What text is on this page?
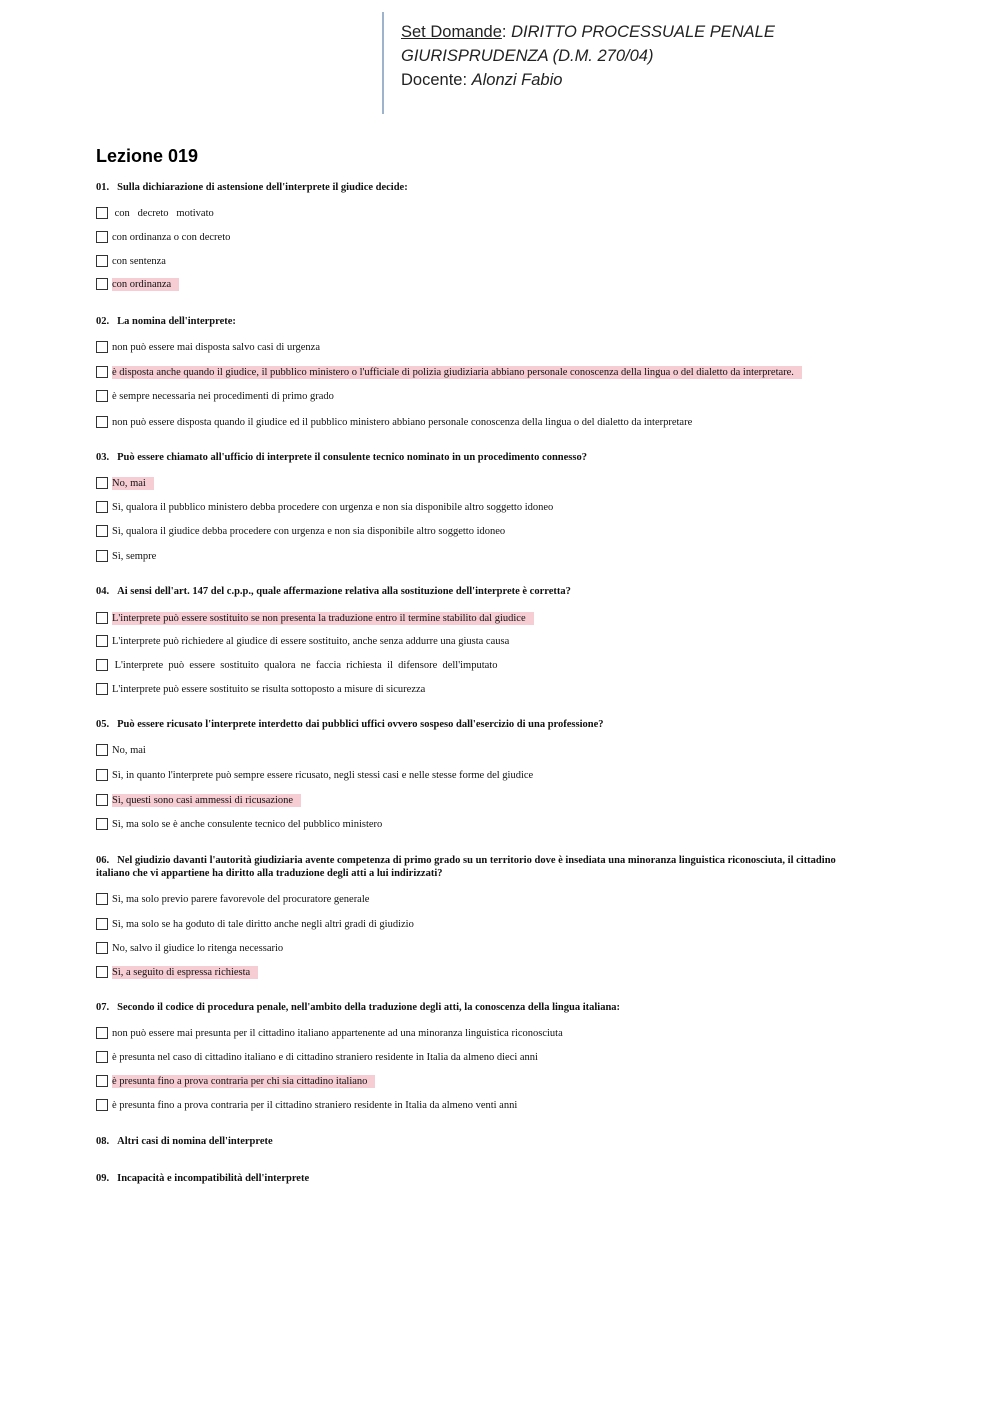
Set Domande: DIRITTO PROCESSUALE PENALE
GIURISPRUDENZA (D.M. 270/04)
Docente: Alonzi Fabio
Lezione 019

01. Sulla dichiarazione di astensione dell'interprete il giudice decide:

con   decreto   motivato
con ordinanza o con decreto
con sentenza
con ordinanza

02. La nomina dell'interprete:

non può essere mai disposta salvo casi di urgenza
è disposta anche quando il giudice, il pubblico ministero o l'ufficiale di polizia giudiziaria abbiano personale conoscenza della lingua o del dialetto da interpretare.
è sempre necessaria nei procedimenti di primo grado
non può essere disposta quando il giudice ed il pubblico ministero abbiano personale conoscenza della lingua o del dialetto da interpretare

03. Può essere chiamato all'ufficio di interprete il consulente tecnico nominato in un procedimento connesso?

No, mai
Sì, qualora il pubblico ministero debba procedere con urgenza e non sia disponibile altro soggetto idoneo
Sì, qualora il giudice debba procedere con urgenza e non sia disponibile altro soggetto idoneo
Sì, sempre

04. Ai sensi dell'art. 147 del c.p.p., quale affermazione relativa alla sostituzione dell'interprete è corretta?

L'interprete può essere sostituito se non presenta la traduzione entro il termine stabilito dal giudice
L'interprete può richiedere al giudice di essere sostituito, anche senza addurre una giusta causa
L'interprete  può  essere  sostituito  qualora  ne  faccia  richiesta  il  difensore  dell'imputato
L'interprete può essere sostituito se risulta sottoposto a misure di sicurezza

05. Può essere ricusato l'interprete interdetto dai pubblici uffici ovvero sospeso dall'esercizio di una professione?

No, mai
Sì, in quanto l'interprete può sempre essere ricusato, negli stessi casi e nelle stesse forme del giudice
Sì, questi sono casi ammessi di ricusazione
Sì, ma solo se è anche consulente tecnico del pubblico ministero

06. Nel giudizio davanti l'autorità giudiziaria avente competenza di primo grado su un territorio dove è insediata una minoranza linguistica riconosciuta, il cittadino italiano che vi appartiene ha diritto alla traduzione degli atti a lui indirizzati?

Sì, ma solo previo parere favorevole del procuratore generale
Sì, ma solo se ha goduto di tale diritto anche negli altri gradi di giudizio
No, salvo il giudice lo ritenga necessario
Sì, a seguito di espressa richiesta

07. Secondo il codice di procedura penale, nell'ambito della traduzione degli atti, la conoscenza della lingua italiana:

non può essere mai presunta per il cittadino italiano appartenente ad una minoranza linguistica riconosciuta
è presunta nel caso di cittadino italiano e di cittadino straniero residente in Italia da almeno dieci anni
è presunta fino a prova contraria per chi sia cittadino italiano
è presunta fino a prova contraria per il cittadino straniero residente in Italia da almeno venti anni

08. Altri casi di nomina dell'interprete

09. Incapacità e incompatibilità dell'interprete
